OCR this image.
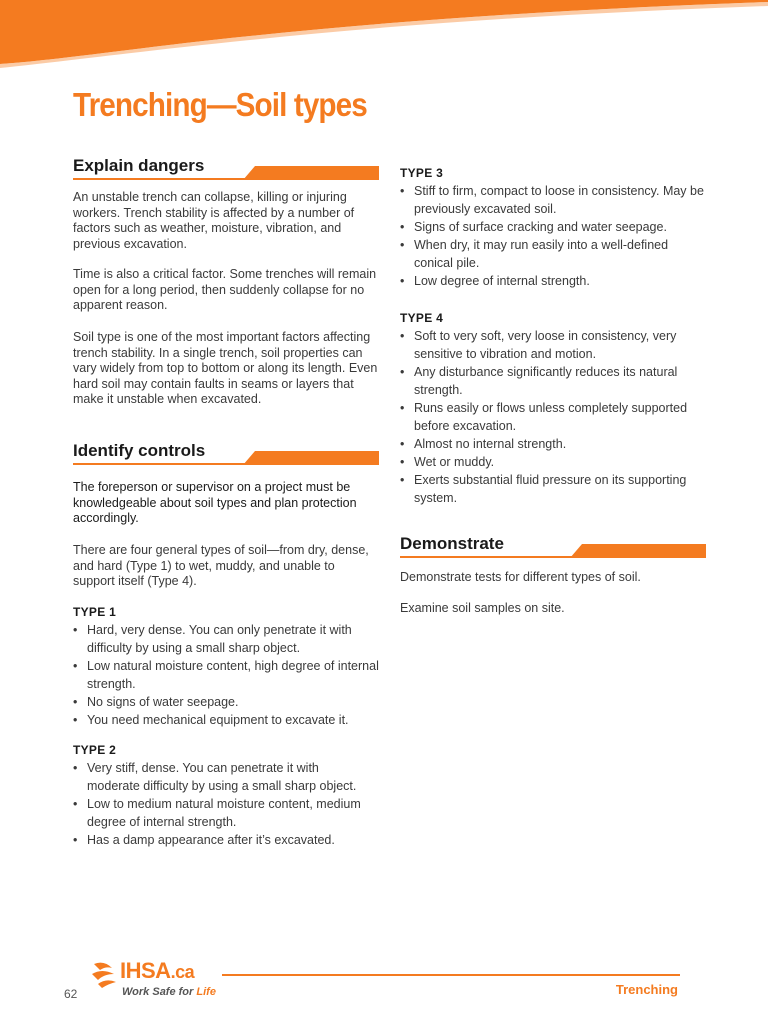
Trenching—Soil types
Explain dangers

An unstable trench can collapse, killing or injuring workers. Trench stability is affected by a number of factors such as weather, moisture, vibration, and previous excavation.

Time is also a critical factor. Some trenches will remain open for a long period, then suddenly collapse for no apparent reason.

Soil type is one of the most important factors affecting trench stability. In a single trench, soil properties can vary widely from top to bottom or along its length. Even hard soil may contain faults in seams or layers that make it unstable when excavated.

Identify controls

The foreperson or supervisor on a project must be knowledgeable about soil types and plan protection accordingly.

There are four general types of soil—from dry, dense, and hard (Type 1) to wet, muddy, and unable to support itself (Type 4).

TYPE 1

• Hard, very dense. You can only penetrate it with difficulty by using a small sharp object.
• Low natural moisture content, high degree of internal strength.
• No signs of water seepage.
• You need mechanical equipment to excavate it.

TYPE 2

• Very stiff, dense. You can penetrate it with moderate difficulty by using a small sharp object.
• Low to medium natural moisture content, medium degree of internal strength.
• Has a damp appearance after it’s excavated.

TYPE 3

• Stiff to firm, compact to loose in consistency. May be previously excavated soil.
• Signs of surface cracking and water seepage.
• When dry, it may run easily into a well-defined conical pile.
• Low degree of internal strength.

TYPE 4

• Soft to very soft, very loose in consistency, very sensitive to vibration and motion.
• Any disturbance significantly reduces its natural strength.
• Runs easily or flows unless completely supported before excavation.
• Almost no internal strength.
• Wet or muddy.
• Exerts substantial fluid pressure on its supporting system.
Demonstrate

Demonstrate tests for different types of soil.

Examine soil samples on site.

IHSA.ca
Work Safe for Life
62	Trenching
